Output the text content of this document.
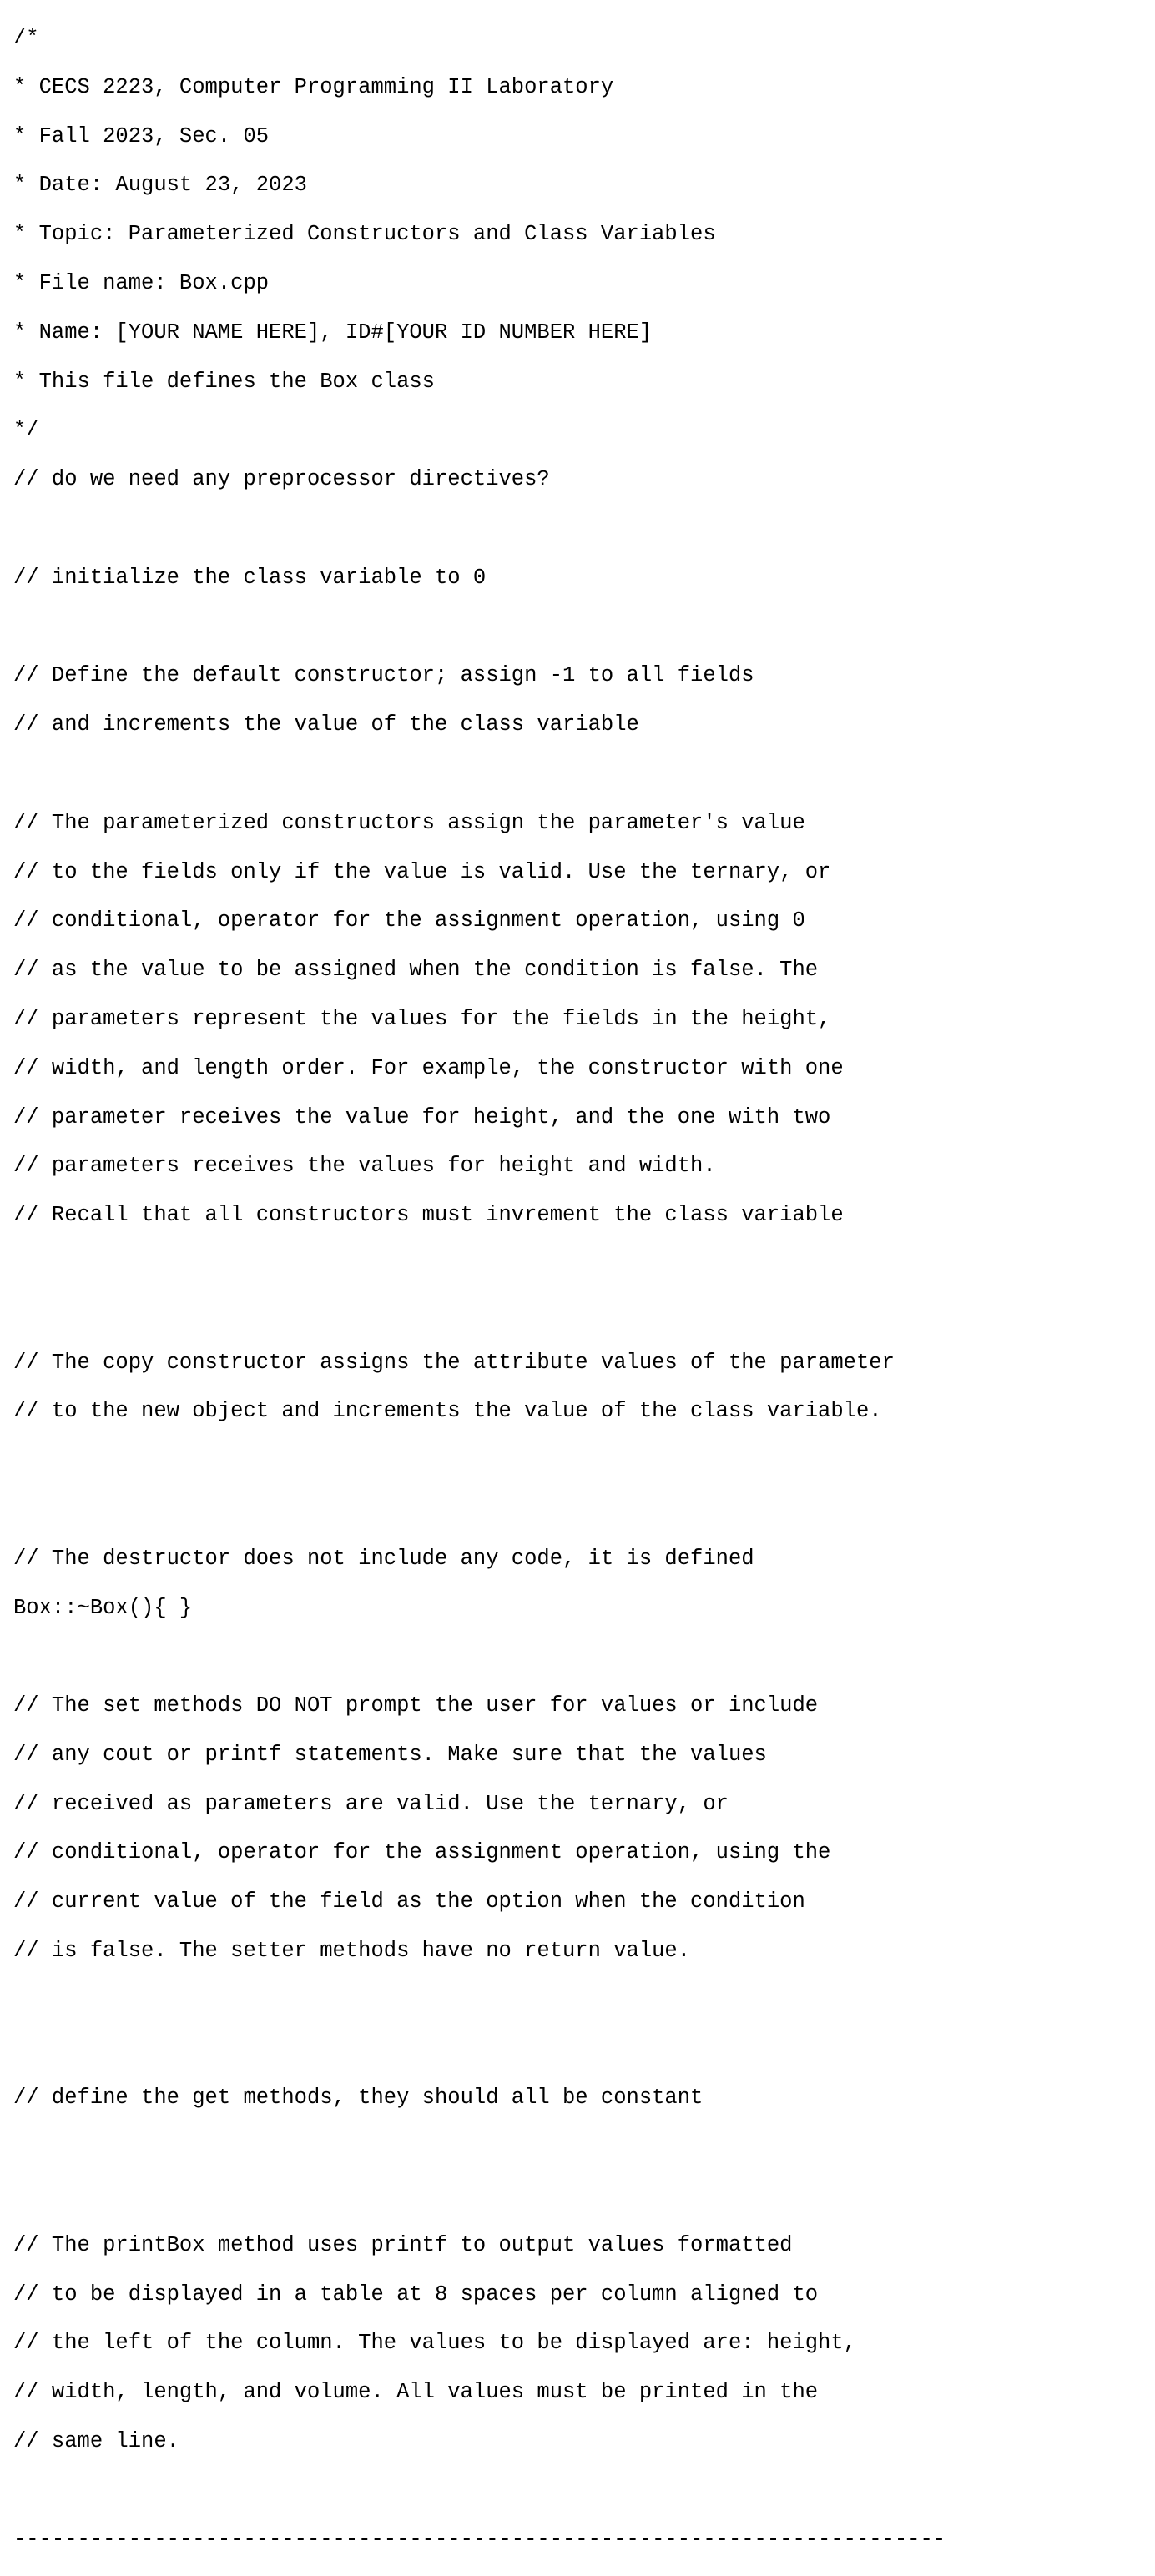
/*

* CECS 2223, Computer Programming II Laboratory

* Fall 2023, Sec. 05

* Date: August 23, 2023

* Topic: Parameterized Constructors and Class Variables

* File name: Box.cpp

* Name: [YOUR NAME HERE], ID#[YOUR ID NUMBER HERE]

* This file defines the Box class

*/

// do we need any preprocessor directives?

// initialize the class variable to 0

// Define the default constructor; assign -1 to all fields

// and increments the value of the class variable

// The parameterized constructors assign the parameter's value

// to the fields only if the value is valid. Use the ternary, or

// conditional, operator for the assignment operation, using 0

// as the value to be assigned when the condition is false. The

// parameters represent the values for the fields in the height,

// width, and length order. For example, the constructor with one

// parameter receives the value for height, and the one with two

// parameters receives the values for height and width.

// Recall that all constructors must invrement the class variable

// The copy constructor assigns the attribute values of the parameter

// to the new object and increments the value of the class variable.

// The destructor does not include any code, it is defined

Box::~Box(){ }

// The set methods DO NOT prompt the user for values or include

// any cout or printf statements. Make sure that the values

// received as parameters are valid. Use the ternary, or

// conditional, operator for the assignment operation, using the

// current value of the field as the option when the condition

// is false. The setter methods have no return value.

// define the get methods, they should all be constant

// The printBox method uses printf to output values formatted

// to be displayed in a table at 8 spaces per column aligned to

// the left of the column. The values to be displayed are: height,

// width, length, and volume. All values must be printed in the

// same line.

-------------------------------------------------------------------------
